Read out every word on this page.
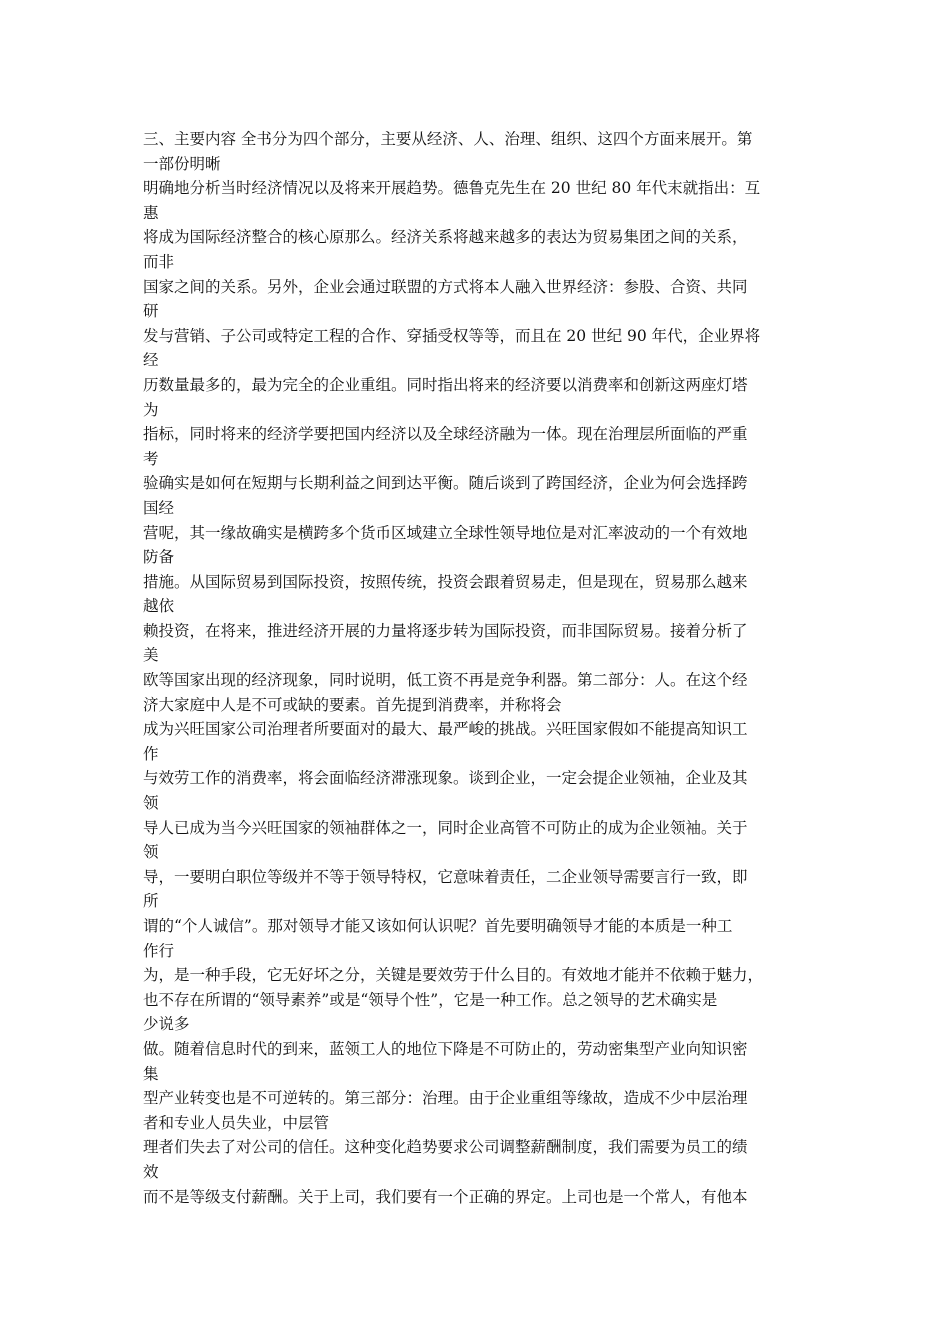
三、主要内容 全书分为四个部分，主要从经济、人、治理、组织、这四个方面来展开。第
一部份明晰
明确地分析当时经济情况以及将来开展趋势。德鲁克先生在 20 世纪 80 年代末就指出：互
惠
将成为国际经济整合的核心原那么。经济关系将越来越多的表达为贸易集团之间的关系，
而非
国家之间的关系。另外，企业会通过联盟的方式将本人融入世界经济：参股、合资、共同
研
发与营销、子公司或特定工程的合作、穿插受权等等，而且在 20 世纪 90 年代，企业界将
经
历数量最多的，最为完全的企业重组。同时指出将来的经济要以消费率和创新这两座灯塔
为
指标，同时将来的经济学要把国内经济以及全球经济融为一体。现在治理层所面临的严重
考
验确实是如何在短期与长期利益之间到达平衡。随后谈到了跨国经济，企业为何会选择跨
国经
营呢，其一缘故确实是横跨多个货币区域建立全球性领导地位是对汇率波动的一个有效地
防备
措施。从国际贸易到国际投资，按照传统，投资会跟着贸易走，但是现在，贸易那么越来
越依
赖投资，在将来，推进经济开展的力量将逐步转为国际投资，而非国际贸易。接着分析了
美
欧等国家出现的经济现象，同时说明，低工资不再是竞争利器。第二部分：人。在这个经
济大家庭中人是不可或缺的要素。首先提到消费率，并称将会
成为兴旺国家公司治理者所要面对的最大、最严峻的挑战。兴旺国家假如不能提高知识工
作
与效劳工作的消费率，将会面临经济滞涨现象。谈到企业，一定会提企业领袖，企业及其
领
导人已成为当今兴旺国家的领袖群体之一，同时企业高管不可防止的成为企业领袖。关于
领
导，一要明白职位等级并不等于领导特权，它意味着责任，二企业领导需要言行一致，即
所
谓的“个人诚信”。那对领导才能又该如何认识呢？首先要明确领导才能的本质是一种工
作行
为，是一种手段，它无好坏之分，关键是要效劳于什么目的。有效地才能并不依赖于魅力，
也不存在所谓的“领导素养”或是“领导个性”，它是一种工作。总之领导的艺术确实是
少说多
做。随着信息时代的到来，蓝领工人的地位下降是不可防止的，劳动密集型产业向知识密
集
型产业转变也是不可逆转的。第三部分：治理。由于企业重组等缘故，造成不少中层治理
者和专业人员失业，中层管
理者们失去了对公司的信任。这种变化趋势要求公司调整薪酬制度，我们需要为员工的绩
效
而不是等级支付薪酬。关于上司，我们要有一个正确的界定。上司也是一个常人，有他本
